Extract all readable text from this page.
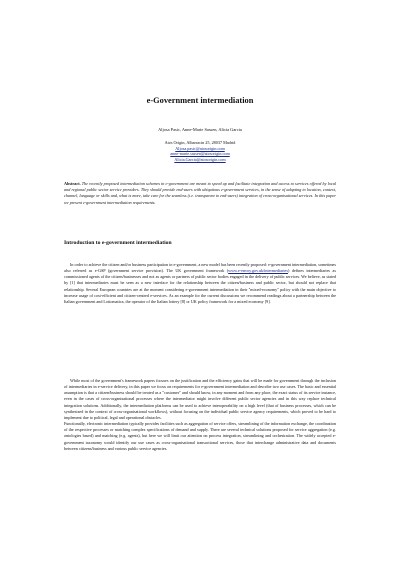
e-Government intermediation
Aljosa Pasic, Anne-Marie Sassen, Alicia Garcia
Atos Origin, Albarracin 25, 28037 Madrid
Aljosa.pasic@atosorigin.com
anne-marie.sassen@atosorigin.com
Alicia.Garcia@atosorigin.com
Abstract. The recently proposed intermediation schemes in e-government are meant to speed up and facilitate integration and access to services offered by local and regional public sector service providers. They should provide end-users with ubiquitous e-government services, in the sense of adapting to location, context, channel, language or skills and, what is more, take care for the seamless (i.e. transparent to end-users) integration of cross-organisational services. In this paper we present e-government intermediation requirements.
Introduction to e-government intermediation
In order to achieve the citizen and/or business participation in e-government, a new model has been recently proposed: e-government intermediation, sometimes also referred as e-GSP (government service provision). The UK government framework (www.e-envoy.gov.uk/intermediaries) defines intermediaries as commissioned agents of the citizen/businesses and not as agents or partners of public sector bodies engaged in the delivery of public services. We believe, as stated by [1] that intermediaries must be seen as a new interface for the relationship between the citizen/business and public sector, but should not replace that relationship. Several European countries are at the moment considering e-government intermediation in their "mixed-economy" policy with the main objective to increase usage of cost-efficient and citizen-centred e-services. As an example for the current discussions we recommend readings about a partnership between the Italian government and Lottomatica, the operator of the Italian lottery [8] or UK policy framework for a mixed economy [9].
While most of the government's framework papers focuses on the justification and the efficiency gains that will be made for government through the inclusion of intermediaries in e-service delivery, in this paper we focus on requirements for e-government intermediation and describe two use cases. The basic and essential assumption is that a citizen/business should be treated as a "customer" and should know, in any moment and from any place, the exact status of its service instance, even in the cases of cross-organisational processes where the intermediator might involve different public sector agencies and in this way replace technical integration solutions. Additionally, the intermediation platforms can be used to achieve interoperability on a high level (that of business processes, which can be synthesized in the context of cross-organisational workflows), without focusing on the individual public service agency requirements, which proved to be hard to implement due to political, legal and operational obstacles.
Functionally, electronic intermediation typically provides facilities such as aggregation of service offers, streamlining of the information exchange, the coordination of the respective processes or matching complex specifications of demand and supply. There are several technical solutions proposed for service aggregation (e.g. ontologies based) and matching (e.g. agents), but here we will limit our attention on process integration, streamlining and orchestration. The widely accepted e-government taxonomy would identify our use cases as cross-organisational transactional services, those that interchange administrative data and documents between citizens/business and various public service agencies.
